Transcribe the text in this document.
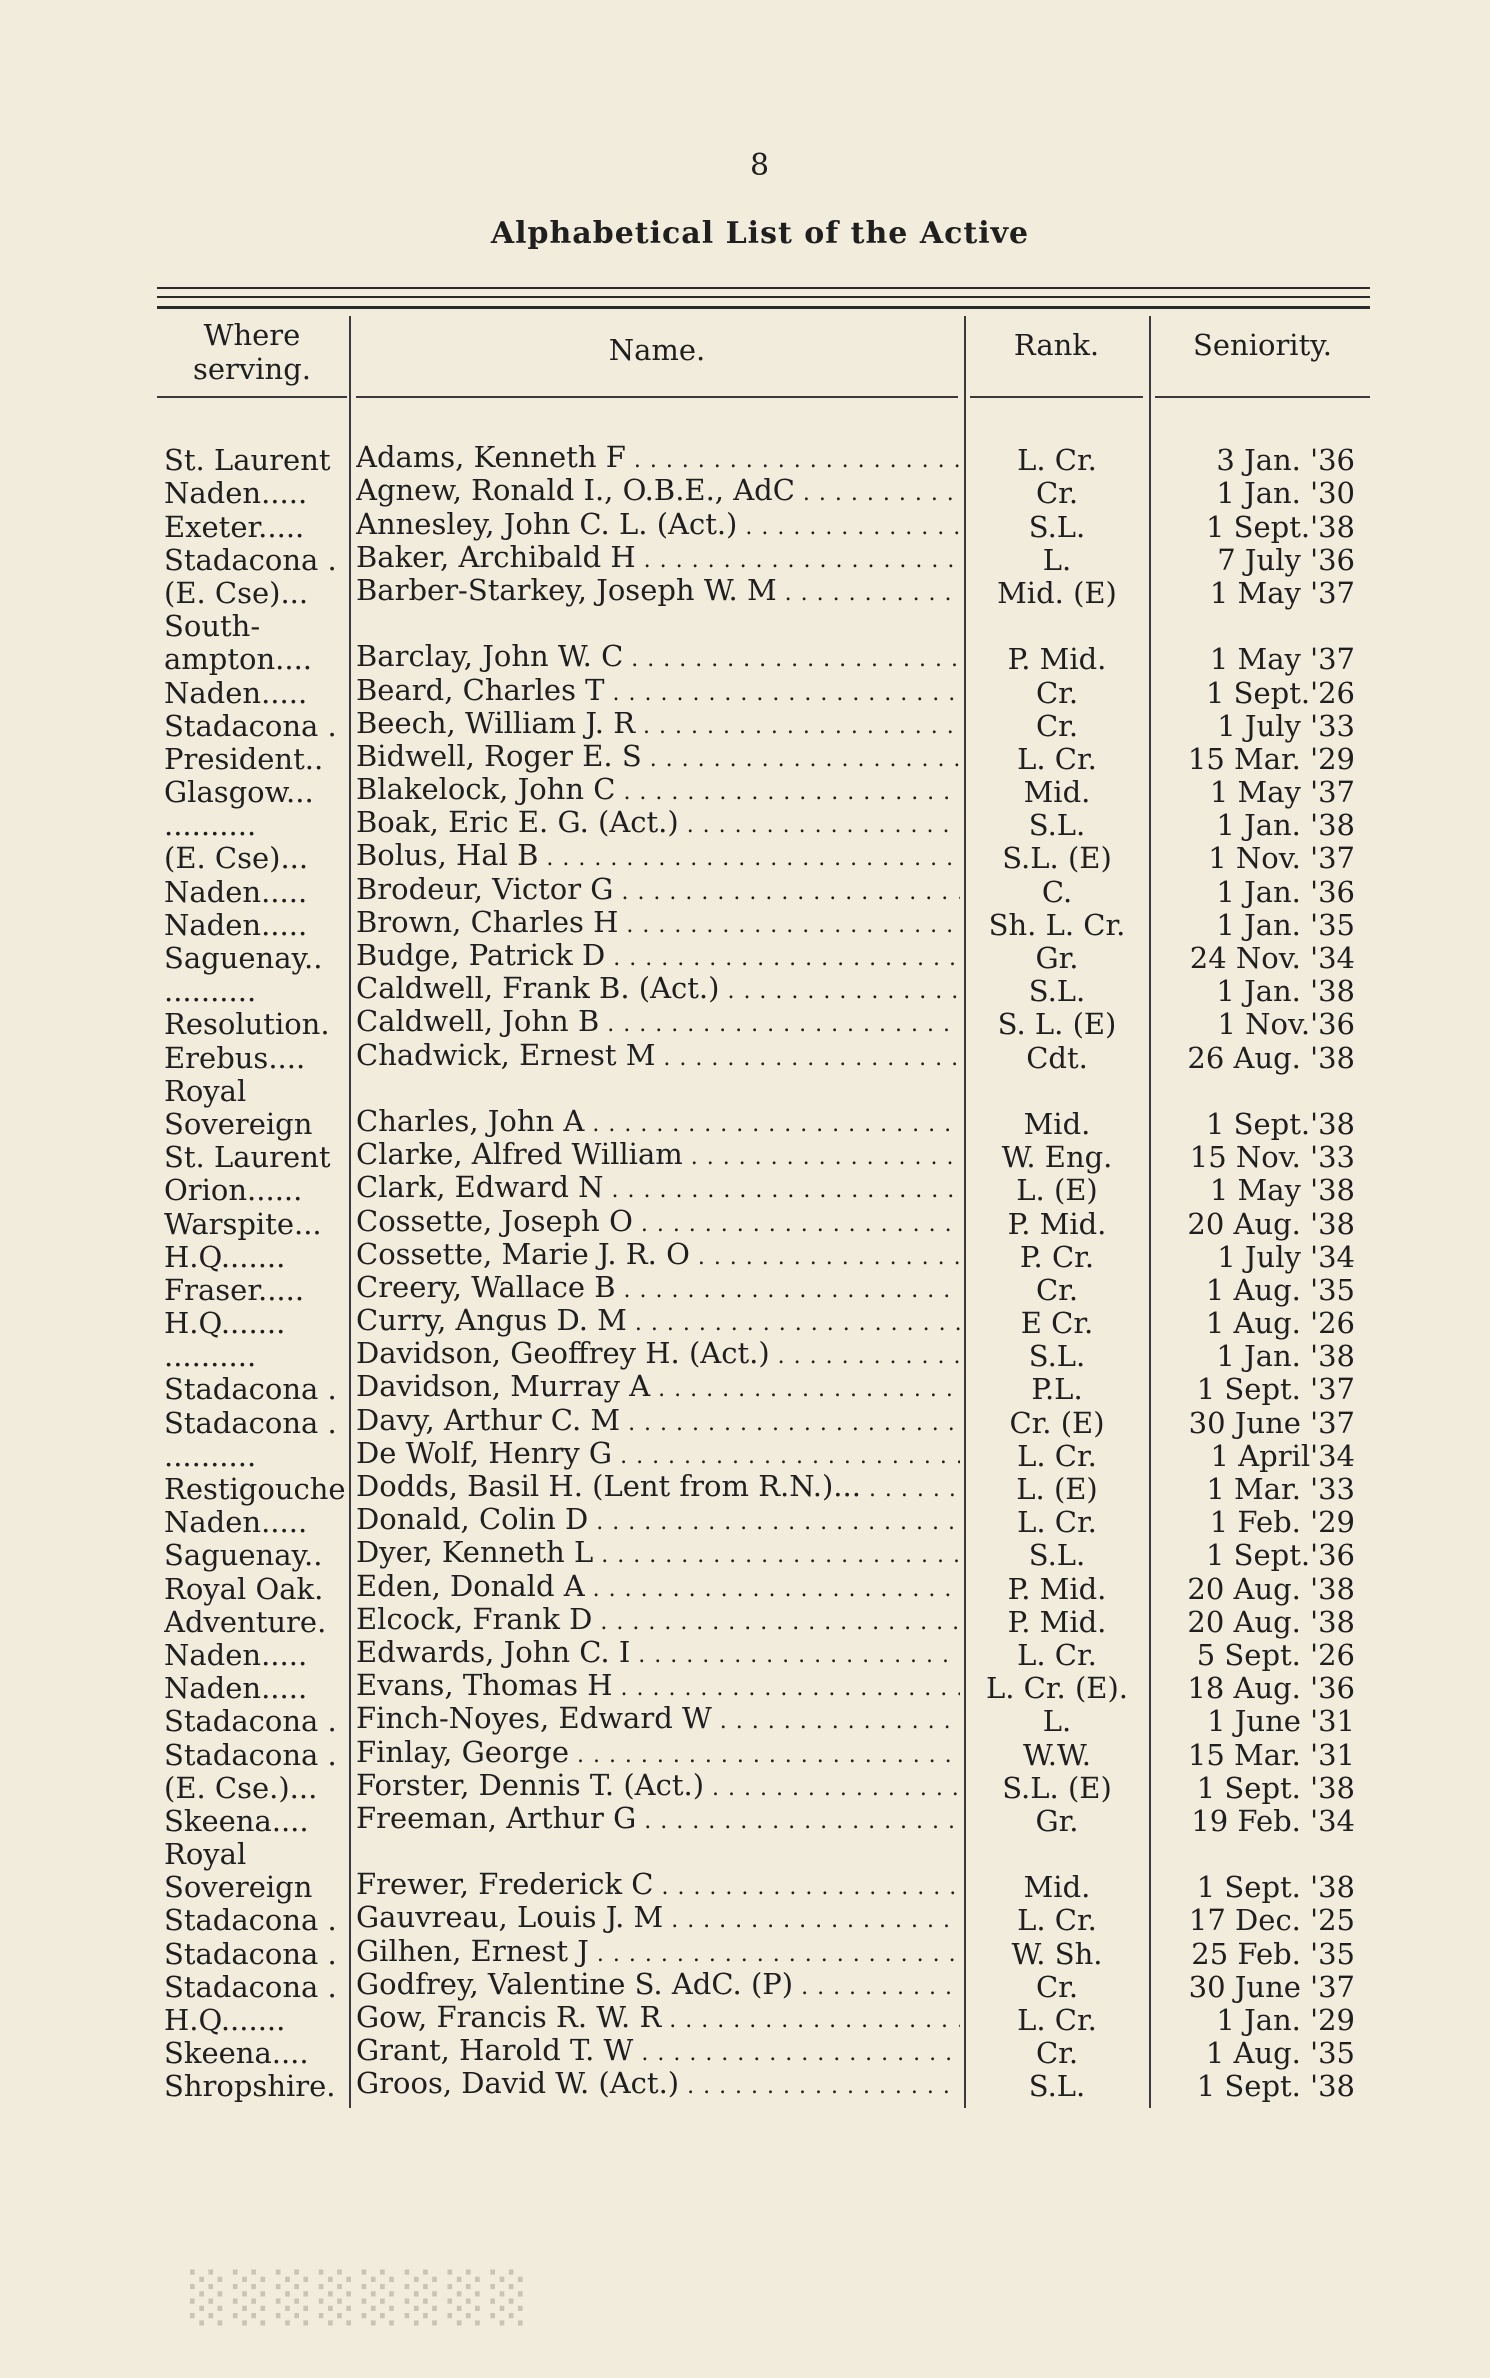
8
Alphabetical List of the Active
Where serving.
Name.	Rank.	Seniority.
St. Laurent Adams, Kenneth F . . .	L. Cr.	3 Jan. '36
Naden.....	Agnew, Ronald I., O.B.E., AdC . . .	Cr.	1 Jan. '30
Exeter.....	Annesley, John C. L. (Act.) . . .	S.L.	1 Sept.'38
Stadacona . Baker, Archibald H . . .	L.	7 July '36
(E. Cse)...	Barber-Starkey, Joseph W. M . . .	Mid. (E)	1 May '37
South-ampton....	Barclay, John W. C . . .	P. Mid.	1 May '37
Naden.....	Beard, Charles T . . .	Cr.	1 Sept.'26
Stadacona . Beech, William J. R . . .	Cr.	1 July '33
President..	Bidwell, Roger E. S . . .	L. Cr.	15 Mar. '29
Glasgow...	Blakelock, John C . . .	Mid.	1 May '37
..........	Boak, Eric E. G. (Act.) . . .	S.L.	1 Jan. '38
(E. Cse)...	Bolus, Hal B . . .	S.L. (E)	1 Nov. '37
Naden.....	Brodeur, Victor G . . .	C.	1 Jan. '36
Naden.....	Brown, Charles H . . .	Sh. L. Cr.	1 Jan. '35
Saguenay..	Budge, Patrick D . . .	Gr.	24 Nov. '34
..........	Caldwell, Frank B. (Act.) . . .	S.L.	1 Jan. '38
Resolution. Caldwell, John B . . .	S. L. (E)	1 Nov.'36
Erebus....	Chadwick, Ernest M . . .	Cdt.	26 Aug. '38
Royal Sovereign	Charles, John A . . .	Mid.	1 Sept.'38
St. Laurent Clarke, Alfred William . . .	W. Eng.	15 Nov. '33
Orion......	Clark, Edward N . . .	L. (E)	1 May '38
Warspite...	Cossette, Joseph O . . .	P. Mid.	20 Aug. '38
H.Q.......	Cossette, Marie J. R. O . . .	P. Cr.	1 July '34
Fraser.....	Creery, Wallace B . . .	Cr.	1 Aug. '35
H.Q.......	Curry, Angus D. M . . .	E Cr.	1 Aug. '26
..........	Davidson, Geoffrey H. (Act.) . . .	S.L.	1 Jan. '38
Stadacona . Davidson, Murray A . . .	P.L.	1 Sept. '37
Stadacona . Davy, Arthur C. M . . .	Cr. (E)	30 June '37
..........	De Wolf, Henry G . . .	L. Cr.	1 April'34
Restigouche Dodds, Basil H. (Lent from R.N.)... . . .	L. (E)	1 Mar. '33
Naden.....	Donald, Colin D . . .	L. Cr.	1 Feb. '29
Saguenay..	Dyer, Kenneth L . . .	S.L.	1 Sept.'36
Royal Oak.	Eden, Donald A . . .	P. Mid.	20 Aug. '38
Adventure.	Elcock, Frank D . . .	P. Mid.	20 Aug. '38
Naden.....	Edwards, John C. I . . .	L. Cr.	5 Sept. '26
Naden.....	Evans, Thomas H . . .	L. Cr. (E).	18 Aug. '36
Stadacona . Finch-Noyes, Edward W . . .	L.	1 June '31
Stadacona . Finlay, George . . .	W.W.	15 Mar. '31
(E. Cse.)...	Forster, Dennis T. (Act.) . . .	S.L. (E)	1 Sept. '38
Skeena....	Freeman, Arthur G . . .	Gr.	19 Feb. '34
Royal Sovereign	Frewer, Frederick C . . .	Mid.	1 Sept. '38
Stadacona . Gauvreau, Louis J. M . . .	L. Cr.	17 Dec. '25
Stadacona . Gilhen, Ernest J . . .	W. Sh.	25 Feb. '35
Stadacona . Godfrey, Valentine S. AdC. (P) . . .	Cr.	30 June '37
H.Q.......	Gow, Francis R. W. R . . .	L. Cr.	1 Jan. '29
Skeena....	Grant, Harold T. W . . .	Cr.	1 Aug. '35
Shropshire. Groos, David W. (Act.) . . .	S.L.	1 Sept. '38
░░░░░░░░
